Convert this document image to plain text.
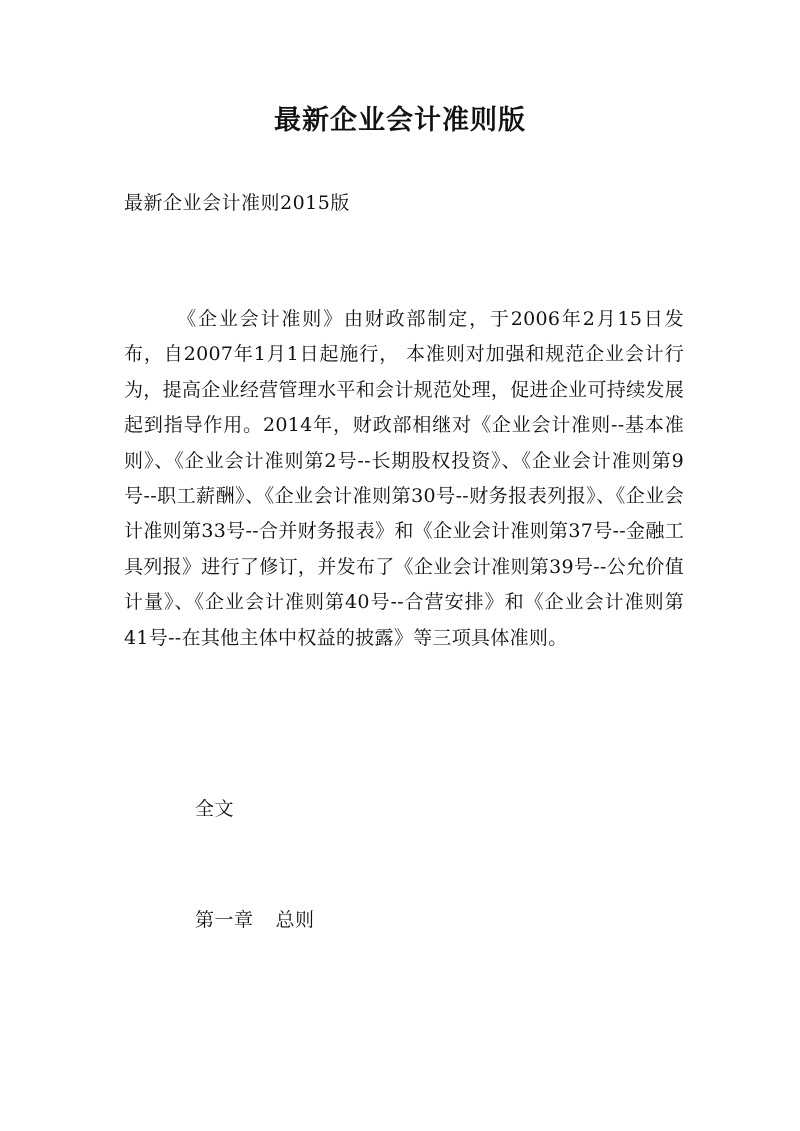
最新企业会计准则版
最新企业会计准则2015版

《企业会计准则》由财政部制定，于2006年2月15日发布，自2007年1月1日起施行， 本准则对加强和规范企业会计行为，提高企业经营管理水平和会计规范处理，促进企业可持续发展起到指导作用。2014年，财政部相继对《企业会计准则--基本准则》、《企业会计准则第2号--长期股权投资》、《企业会计准则第9号--职工薪酬》、《企业会计准则第30号--财务报表列报》、《企业会计准则第33号--合并财务报表》和《企业会计准则第37号--金融工具列报》进行了修订，并发布了《企业会计准则第39号--公允价值计量》、《企业会计准则第40号--合营安排》和《企业会计准则第41号--在其他主体中权益的披露》等三项具体准则。

全文
第一章 总则
